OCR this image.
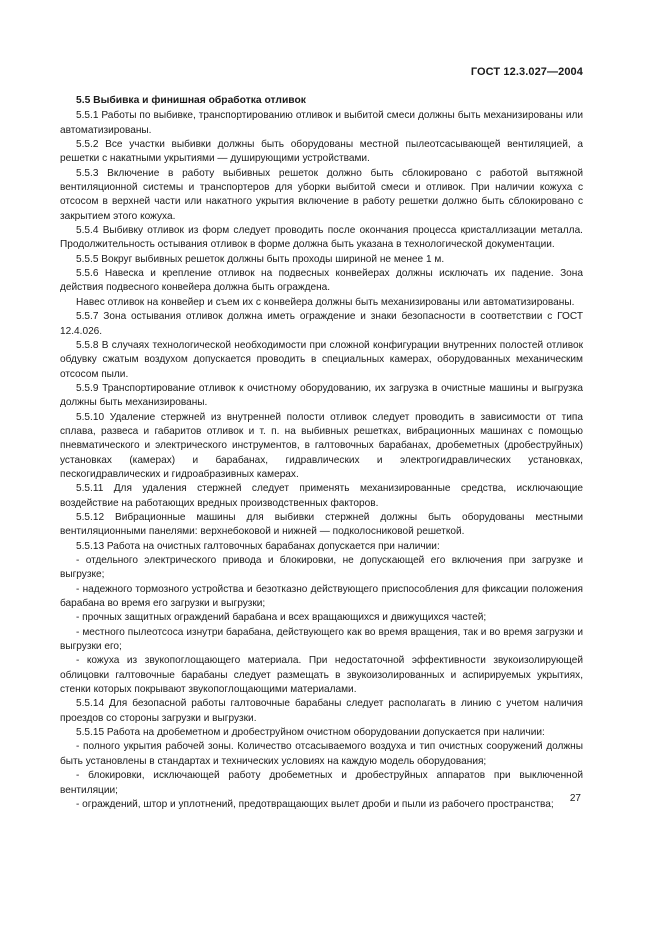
ГОСТ 12.3.027—2004
5.5 Выбивка и финишная обработка отливок

5.5.1 Работы по выбивке, транспортированию отливок и выбитой смеси должны быть механизированы или автоматизированы.

5.5.2 Все участки выбивки должны быть оборудованы местной пылеотсасывающей вентиляцией, а решетки с накатными укрытиями — душирующими устройствами.

5.5.3 Включение в работу выбивных решеток должно быть сблокировано с работой вытяжной вентиляционной системы и транспортеров для уборки выбитой смеси и отливок. При наличии кожуха с отсосом в верхней части или накатного укрытия включение в работу решетки должно быть сблокировано с закрытием этого кожуха.

5.5.4 Выбивку отливок из форм следует проводить после окончания процесса кристаллизации металла. Продолжительность остывания отливок в форме должна быть указана в технологической документации.

5.5.5 Вокруг выбивных решеток должны быть проходы шириной не менее 1 м.

5.5.6 Навеска и крепление отливок на подвесных конвейерах должны исключать их падение. Зона действия подвесного конвейера должна быть ограждена.

Навес отливок на конвейер и съем их с конвейера должны быть механизированы или автоматизированы.

5.5.7 Зона остывания отливок должна иметь ограждение и знаки безопасности в соответствии с ГОСТ 12.4.026.

5.5.8 В случаях технологической необходимости при сложной конфигурации внутренних полостей отливок обдувку сжатым воздухом допускается проводить в специальных камерах, оборудованных механическим отсосом пыли.

5.5.9 Транспортирование отливок к очистному оборудованию, их загрузка в очистные машины и выгрузка должны быть механизированы.

5.5.10 Удаление стержней из внутренней полости отливок следует проводить в зависимости от типа сплава, развеса и габаритов отливок и т. п. на выбивных решетках, вибрационных машинах с помощью пневматического и электрического инструментов, в галтовочных барабанах, дробеметных (дробеструйных) установках (камерах) и барабанах, гидравлических и электрогидравлических установках, пескогидравлических и гидроабразивных камерах.

5.5.11 Для удаления стержней следует применять механизированные средства, исключающие воздействие на работающих вредных производственных факторов.

5.5.12 Вибрационные машины для выбивки стержней должны быть оборудованы местными вентиляционными панелями: верхнебоковой и нижней — подколосниковой решеткой.

5.5.13 Работа на очистных галтовочных барабанах допускается при наличии:

- отдельного электрического привода и блокировки, не допускающей его включения при загрузке и выгрузке;

- надежного тормозного устройства и безотказно действующего приспособления для фиксации положения барабана во время его загрузки и выгрузки;

- прочных защитных ограждений барабана и всех вращающихся и движущихся частей;

- местного пылеотсоса изнутри барабана, действующего как во время вращения, так и во время загрузки и выгрузки его;

- кожуха из звукопоглощающего материала. При недостаточной эффективности звукоизолирующей облицовки галтовочные барабаны следует размещать в звукоизолированных и аспирируемых укрытиях, стенки которых покрывают звукопоглощающими материалами.

5.5.14 Для безопасной работы галтовочные барабаны следует располагать в линию с учетом наличия проездов со стороны загрузки и выгрузки.

5.5.15 Работа на дробеметном и дробеструйном очистном оборудовании допускается при наличии:

- полного укрытия рабочей зоны. Количество отсасываемого воздуха и тип очистных сооружений должны быть установлены в стандартах и технических условиях на каждую модель оборудования;

- блокировки, исключающей работу дробеметных и дробеструйных аппаратов при выключенной вентиляции;

- ограждений, штор и уплотнений, предотвращающих вылет дроби и пыли из рабочего пространства;

27
